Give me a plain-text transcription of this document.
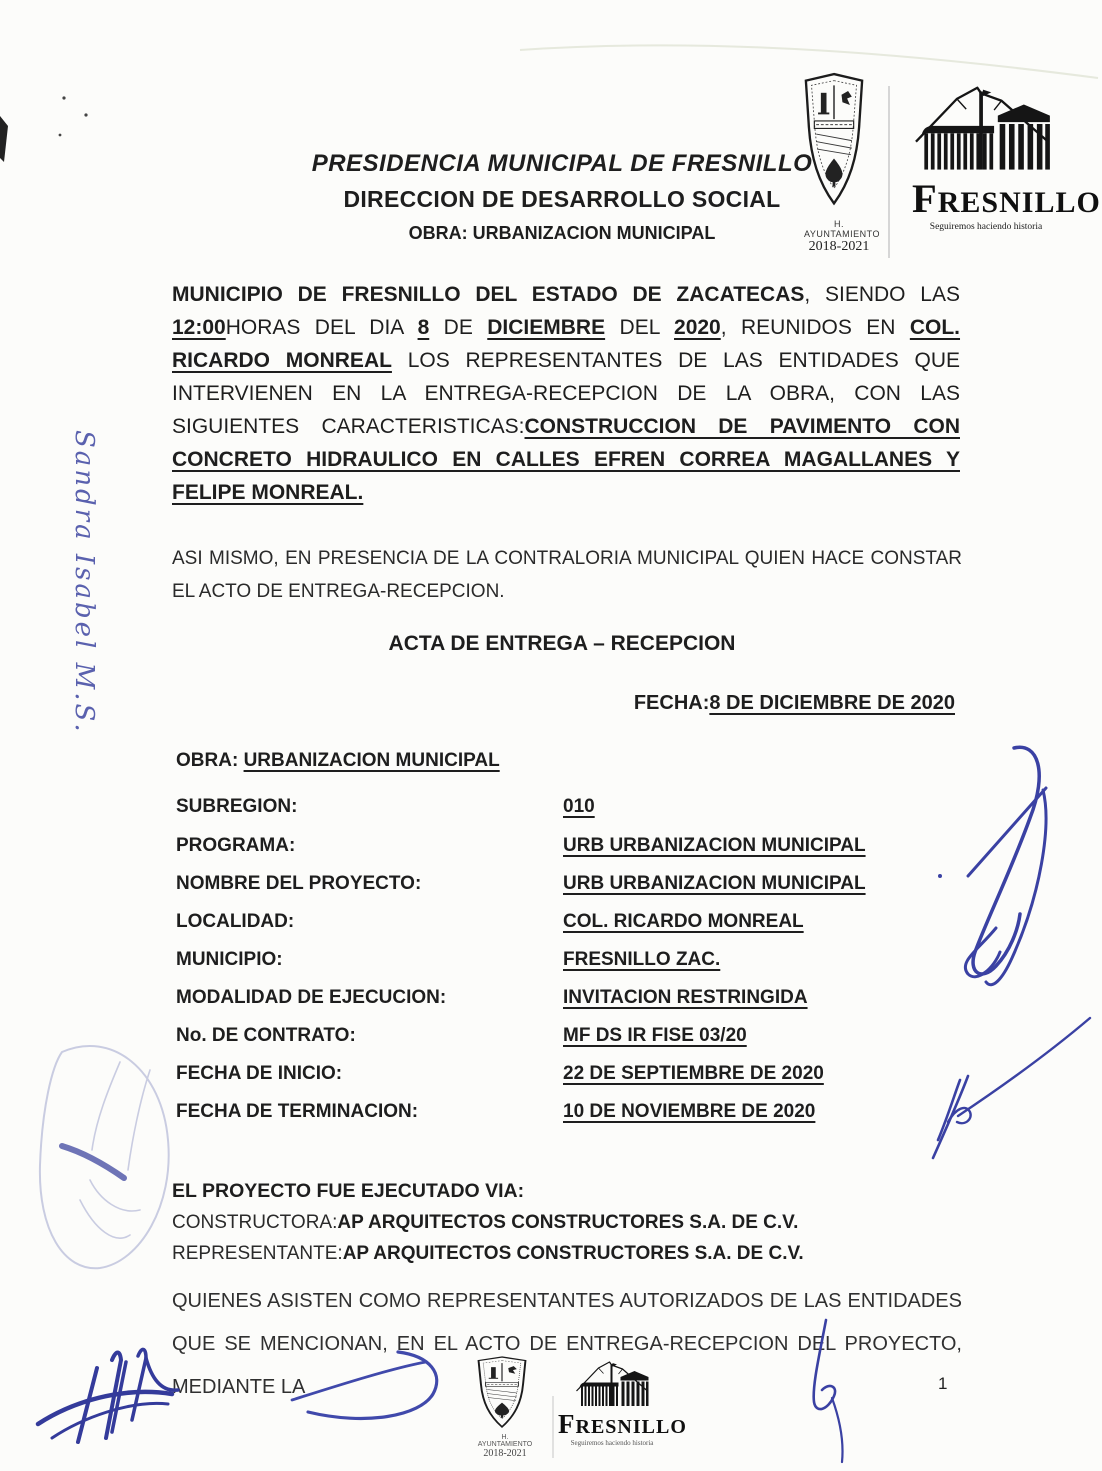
PRESIDENCIA MUNICIPAL DE FRESNILLO
DIRECCION DE DESARROLLO SOCIAL
OBRA: URBANIZACION MUNICIPAL	H. AYUNTAMIENTO
2018-2021
FRESNILLO
Seguiremos haciendo historia
MUNICIPIO DE FRESNILLO DEL ESTADO DE ZACATECAS, SIENDO LAS 12:00HORAS DEL DIA 8 DE DICIEMBRE DEL 2020, REUNIDOS EN COL. RICARDO MONREAL LOS REPRESENTANTES DE LAS ENTIDADES QUE INTERVIENEN EN LA ENTREGA-RECEPCION DE LA OBRA, CON LAS SIGUIENTES CARACTERISTICAS:CONSTRUCCION DE PAVIMENTO CON CONCRETO HIDRAULICO EN CALLES EFREN CORREA MAGALLANES Y FELIPE MONREAL.
ASI MISMO, EN PRESENCIA DE LA CONTRALORIA MUNICIPAL QUIEN HACE CONSTAR EL ACTO DE ENTREGA-RECEPCION.
ACTA DE ENTREGA – RECEPCION
FECHA:8 DE DICIEMBRE DE 2020
OBRA: URBANIZACION MUNICIPAL
SUBREGION:	010
PROGRAMA:	URB URBANIZACION MUNICIPAL
NOMBRE DEL PROYECTO:	URB URBANIZACION MUNICIPAL
LOCALIDAD:	COL. RICARDO MONREAL
MUNICIPIO:	FRESNILLO ZAC.
MODALIDAD DE EJECUCION:	INVITACION RESTRINGIDA
No. DE CONTRATO:	MF DS IR FISE 03/20
FECHA DE INICIO:	22 DE SEPTIEMBRE DE 2020
FECHA DE TERMINACION:	10 DE NOVIEMBRE DE 2020
EL PROYECTO FUE EJECUTADO VIA:
CONSTRUCTORA:AP ARQUITECTOS CONSTRUCTORES S.A. DE C.V.
REPRESENTANTE:AP ARQUITECTOS CONSTRUCTORES S.A. DE C.V.
QUIENES ASISTEN COMO REPRESENTANTES AUTORIZADOS DE LAS ENTIDADES QUE SE MENCIONAN, EN EL ACTO DE ENTREGA-RECEPCION DEL PROYECTO, MEDIANTE LA
H. AYUNTAMIENTO
2018-2021
FRESNILLO
Seguiremos haciendo historia
1
Sandra Isabel M.S.
